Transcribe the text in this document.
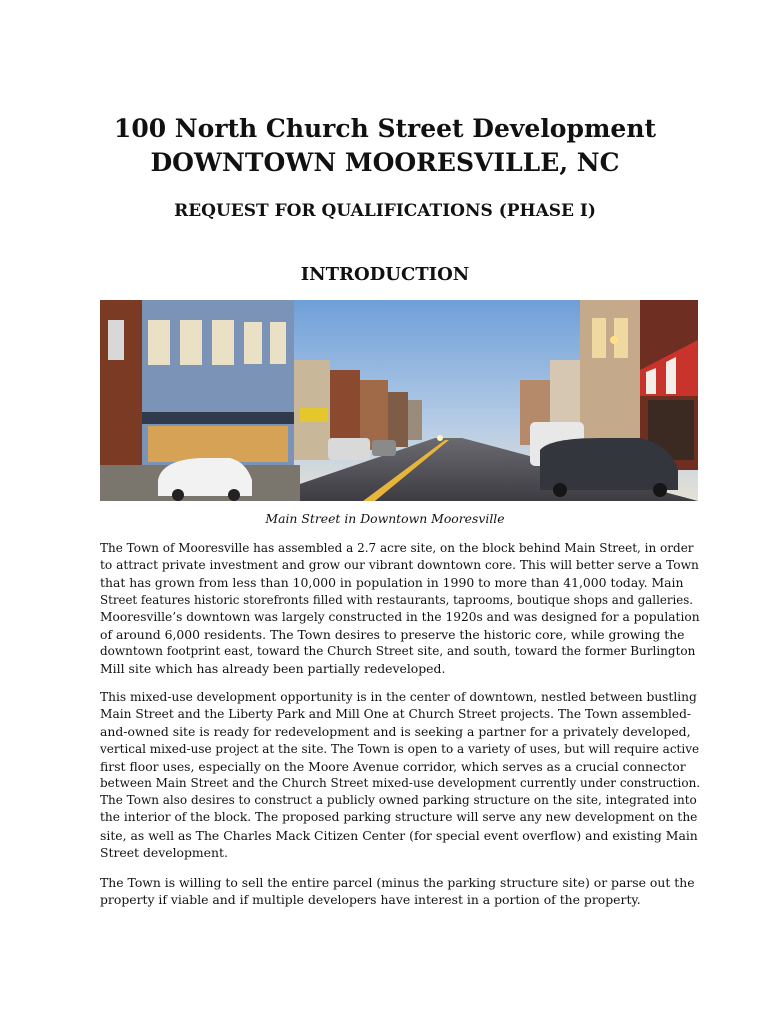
100 North Church Street Development
DOWNTOWN MOORESVILLE, NC
REQUEST FOR QUALIFICATIONS (PHASE I)
INTRODUCTION
Main Street in Downtown Mooresville

The Town of Mooresville has assembled a 2.7 acre site, on the block behind Main Street, in order
to attract private investment and grow our vibrant downtown core. This will better serve a Town
that has grown from less than 10,000 in population in 1990 to more than 41,000 today. Main
Street features historic storefronts filled with restaurants, taprooms, boutique shops and galleries.
Mooresville’s downtown was largely constructed in the 1920s and was designed for a population
of around 6,000 residents. The Town desires to preserve the historic core, while growing the
downtown footprint east, toward the Church Street site, and south, toward the former Burlington
Mill site which has already been partially redeveloped.

This mixed-use development opportunity is in the center of downtown, nestled between bustling
Main Street and the Liberty Park and Mill One at Church Street projects. The Town assembled-
and-owned site is ready for redevelopment and is seeking a partner for a privately developed,
vertical mixed-use project at the site. The Town is open to a variety of uses, but will require active
first floor uses, especially on the Moore Avenue corridor, which serves as a crucial connector
between Main Street and the Church Street mixed-use development currently under construction.
The Town also desires to construct a publicly owned parking structure on the site, integrated into
the interior of the block. The proposed parking structure will serve any new development on the
site, as well as The Charles Mack Citizen Center (for special event overflow) and existing Main
Street development.

The Town is willing to sell the entire parcel (minus the parking structure site) or parse out the
property if viable and if multiple developers have interest in a portion of the property.
